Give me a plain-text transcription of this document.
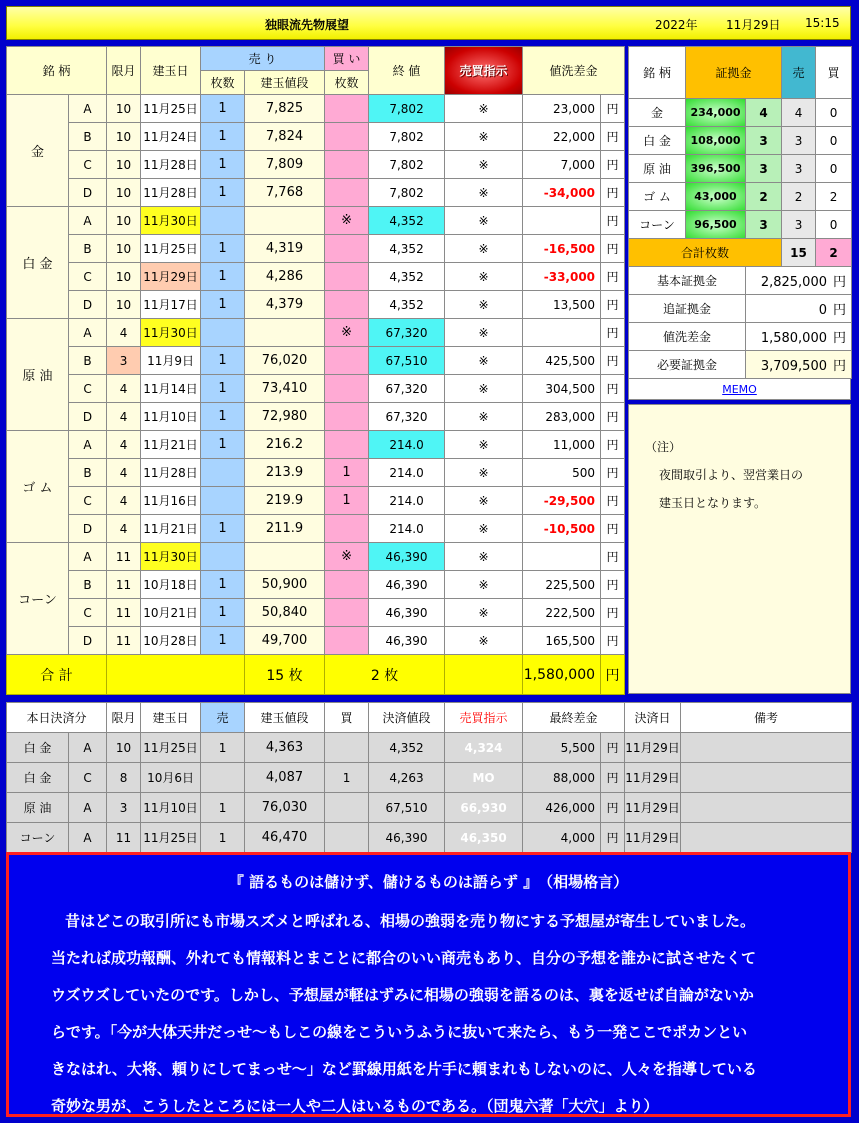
独眼流先物展望	2022年 11月29日 15:15
銘 柄		限月	建玉日	売 り		買 い	終 値	売買指示	値洗差金	
				枚数	建玉値段	枚数				
金	A	10	11月25日	1	7,825		7,802	※	23,000	円
	B	10	11月24日	1	7,824		7,802	※	22,000	円
	C	10	11月28日	1	7,809		7,802	※	7,000	円
	D	10	11月28日	1	7,768		7,802	※	-34,000	円
白 金	A	10	11月30日			※	4,352	※		円
	B	10	11月25日	1	4,319		4,352	※	-16,500	円
	C	10	11月29日	1	4,286		4,352	※	-33,000	円
	D	10	11月17日	1	4,379		4,352	※	13,500	円
原 油	A	4	11月30日			※	67,320	※		円
	B	3	11月9日	1	76,020		67,510	※	425,500	円
	C	4	11月14日	1	73,410		67,320	※	304,500	円
	D	4	11月10日	1	72,980		67,320	※	283,000	円
ゴ ム	A	4	11月21日	1	216.2		214.0	※	11,000	円
	B	4	11月28日		213.9	1	214.0	※	500	円
	C	4	11月16日		219.9	1	214.0	※	-29,500	円
	D	4	11月21日	1	211.9		214.0	※	-10,500	円
コーン	A	11	11月30日			※	46,390	※		円
	B	11	10月18日	1	50,900		46,390	※	225,500	円
	C	11	10月21日	1	50,840		46,390	※	222,500	円
	D	11	10月28日	1	49,700		46,390	※	165,500	円
合 計					15 枚	2 枚			1,580,000	円
銘 柄	証拠金		売	買
金	234,000	4	4	0
白 金	108,000	3	3	0
原 油	396,500	3	3	0
ゴ ム	43,000	2	2	2
コーン	96,500	3	3	0
合計枚数			15	2
基本証拠金		2,825,000 円		
追証拠金		0 円		
値洗差金		1,580,000 円		
必要証拠金		3,709,500 円		
MEMO
（注）
夜間取引より、翌営業日の
建玉日となります。
本日決済分		限月	建玉日	売	建玉値段	買	決済値段	売買指示	最終差金		決済日	備考
白 金	A	10	11月25日	1	4,363		4,352	4,324	5,500	円	11月29日	
白 金	C	8	10月6日		4,087	1	4,263	MO	88,000	円	11月29日	
原 油	A	3	11月10日	1	76,030		67,510	66,930	426,000	円	11月29日	
コーン	A	11	11月25日	1	46,470		46,390	46,350	4,000	円	11月29日	
『 語るものは儲けず、儲けるものは語らず 』　（相場格言）
昔はどこの取引所にも市場スズメと呼ばれる、相場の強弱を売り物にする予想屋が寄生していました。
当たれば成功報酬、外れても情報料とまことに都合のいい商売もあり、自分の予想を誰かに試させたくて
ウズウズしていたのです。しかし、予想屋が軽はずみに相場の強弱を語るのは、裏を返せば自論がないか
らです。「今が大体天井だっせ～もしこの線をこういうふうに抜いて来たら、もう一発ここでポカンとい
きなはれ、大将、頼りにしてまっせ～」など罫線用紙を片手に頼まれもしないのに、人々を指導している
奇妙な男が、こうしたところには一人や二人はいるものである。（団鬼六著「大穴」より）
